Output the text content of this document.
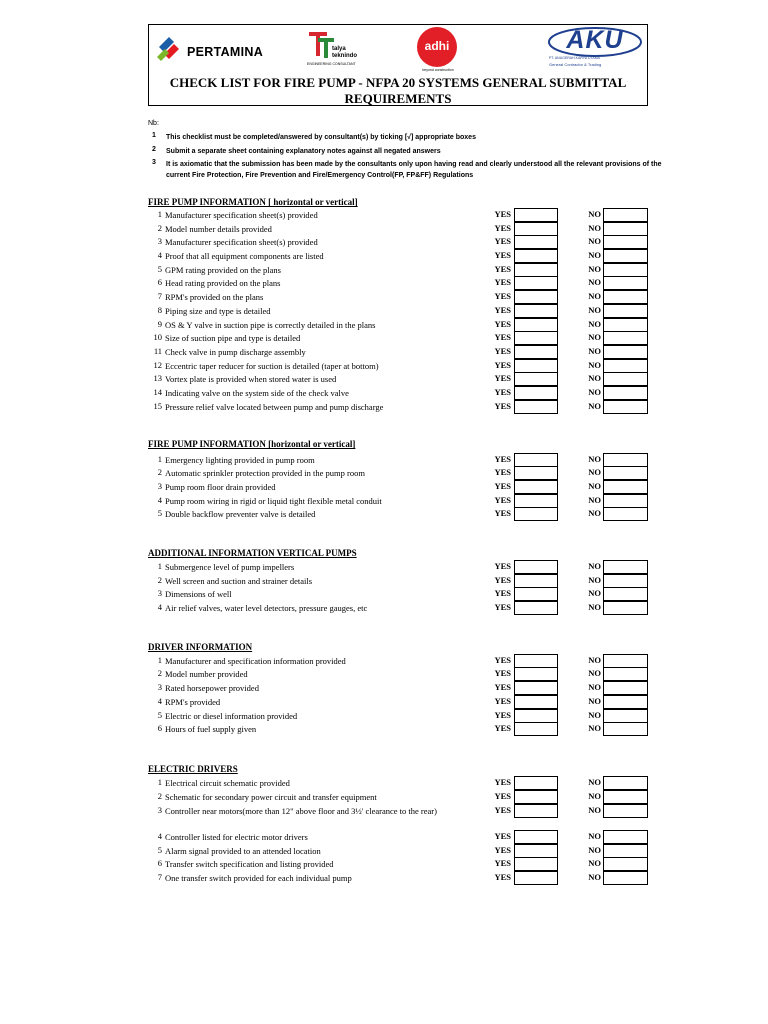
PERTAMINA	talya
teknindo
ENGINEERING CONSULTANT
adhi
beyond construction
AKU
PT. ANUGERAH KARYA UTAMA
General Contractor & Trading
CHECK LIST FOR FIRE PUMP - NFPA 20 SYSTEMS GENERAL SUBMITTAL
REQUIREMENTS
Nb:
1 This checklist must be completed/answered by consultant(s) by ticking [√] appropriate boxes
2 Submit a separate sheet containing explanatory notes against all negated answers
3 It is axiomatic that the submission has been made by the consultants only upon having read and clearly understood all the relevant provisions of the current Fire Protection, Fire Prevention and Fire/Emergency Control(FP, FP&FF) Regulations
FIRE PUMP INFORMATION [ horizontal or vertical]
1 Manufacturer specification sheet(s) provided	YES	NO
2 Model number details provided	YES	NO
3 Manufacturer specification sheet(s) provided	YES	NO
4 Proof that all equipment components are listed	YES	NO
5 GPM rating provided on the plans	YES	NO
6 Head rating provided on the plans	YES	NO
7 RPM's provided on the plans	YES	NO
8 Piping size and type is detailed	YES	NO
9 OS & Y valve in suction pipe is correctly detailed in the plans	YES	NO
10 Size of suction pipe and type is detailed	YES	NO
11 Check valve in pump discharge assembly	YES	NO
12 Eccentric taper reducer for suction is detailed (taper at bottom)	YES	NO
13 Vortex plate is provided when stored water is used	YES	NO
14 Indicating valve on the system side of the check valve	YES	NO
15 Pressure relief valve located between pump and pump discharge	YES	NO
FIRE PUMP INFORMATION [horizontal or vertical]
1 Emergency lighting provided in pump room	YES	NO
2 Automatic sprinkler protection provided in the pump room	YES	NO
3 Pump room floor drain provided	YES	NO
4 Pump room wiring in rigid or liquid tight flexible metal conduit	YES	NO
5 Double backflow preventer valve is detailed	YES	NO
ADDITIONAL INFORMATION VERTICAL PUMPS
1 Submergence level of pump impellers	YES	NO
2 Well screen and suction and strainer details	YES	NO
3 Dimensions of well	YES	NO
4 Air relief valves, water level detectors, pressure gauges, etc	YES	NO
DRIVER INFORMATION
1 Manufacturer and specification information provided	YES	NO
2 Model number provided	YES	NO
3 Rated horsepower provided	YES	NO
4 RPM's provided	YES	NO
5 Electric or diesel information provided	YES	NO
6 Hours of fuel supply given	YES	NO
ELECTRIC DRIVERS
1 Electrical circuit schematic provided	YES	NO
2 Schematic for secondary power circuit and transfer equipment	YES	NO
3 Controller near motors(more than 12" above floor and 3½' clearance to the rear)	YES	NO
4 Controller listed for electric motor drivers	YES	NO
5 Alarm signal provided to an attended location	YES	NO
6 Transfer switch specification and listing provided	YES	NO
7 One transfer switch provided for each individual pump	YES	NO
